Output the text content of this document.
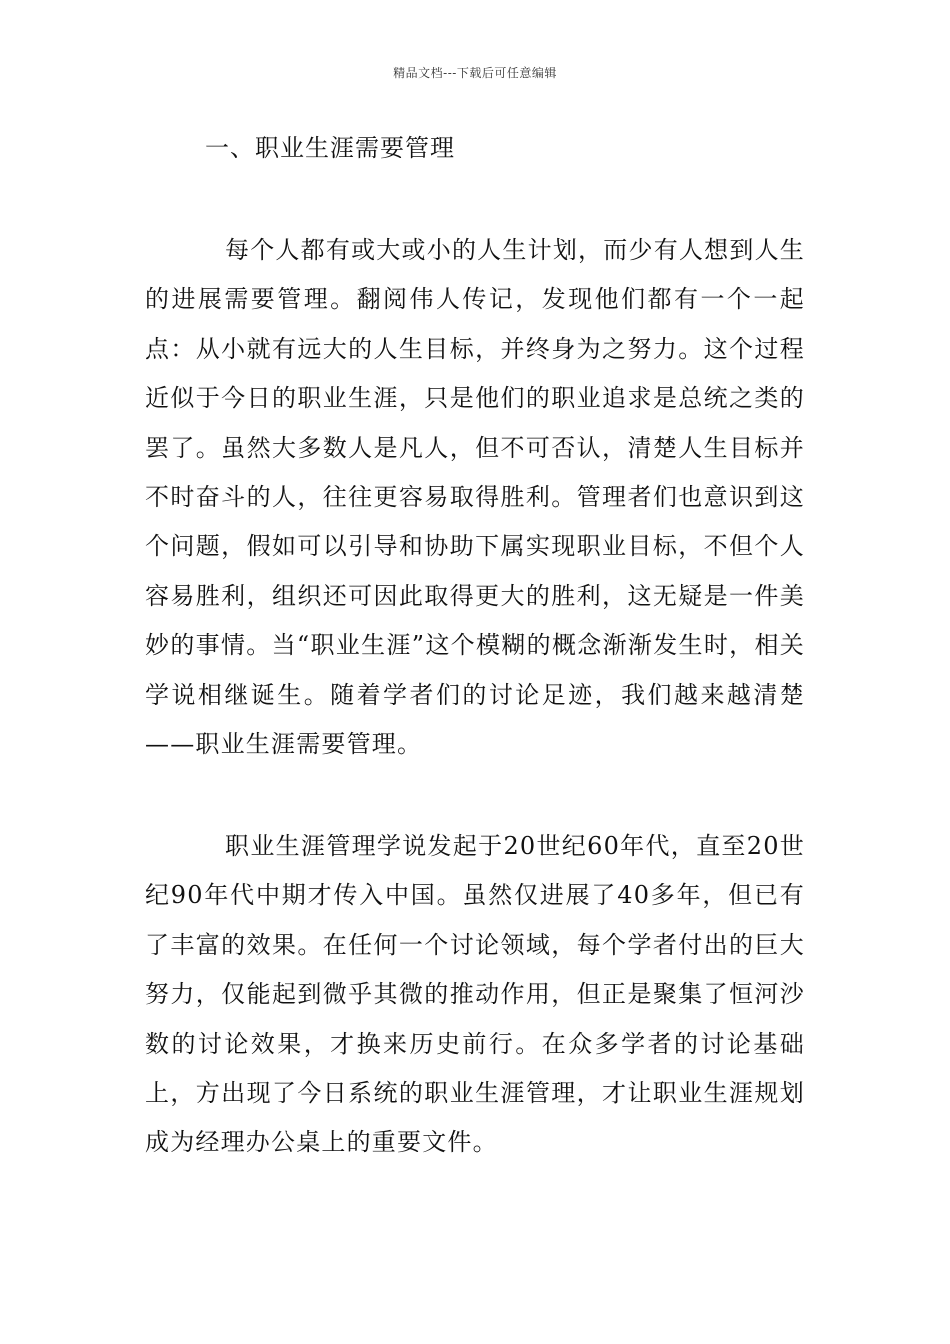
精品文档---下载后可任意编辑
一、职业生涯需要管理

每个人都有或大或小的人生计划，而少有人想到人生的进展需要管理。翻阅伟人传记，发现他们都有一个一起点：从小就有远大的人生目标，并终身为之努力。这个过程近似于今日的职业生涯，只是他们的职业追求是总统之类的罢了。虽然大多数人是凡人，但不可否认，清楚人生目标并不时奋斗的人，往往更容易取得胜利。管理者们也意识到这个问题，假如可以引导和协助下属实现职业目标，不但个人容易胜利，组织还可因此取得更大的胜利，这无疑是一件美妙的事情。当“职业生涯”这个模糊的概念渐渐发生时，相关学说相继诞生。随着学者们的讨论足迹，我们越来越清楚——职业生涯需要管理。

职业生涯管理学说发起于20世纪60年代，直至20世纪90年代中期才传入中国。虽然仅进展了40多年，但已有了丰富的效果。在任何一个讨论领域，每个学者付出的巨大努力，仅能起到微乎其微的推动作用，但正是聚集了恒河沙数的讨论效果，才换来历史前行。在众多学者的讨论基础上，方出现了今日系统的职业生涯管理，才让职业生涯规划成为经理办公桌上的重要文件。
